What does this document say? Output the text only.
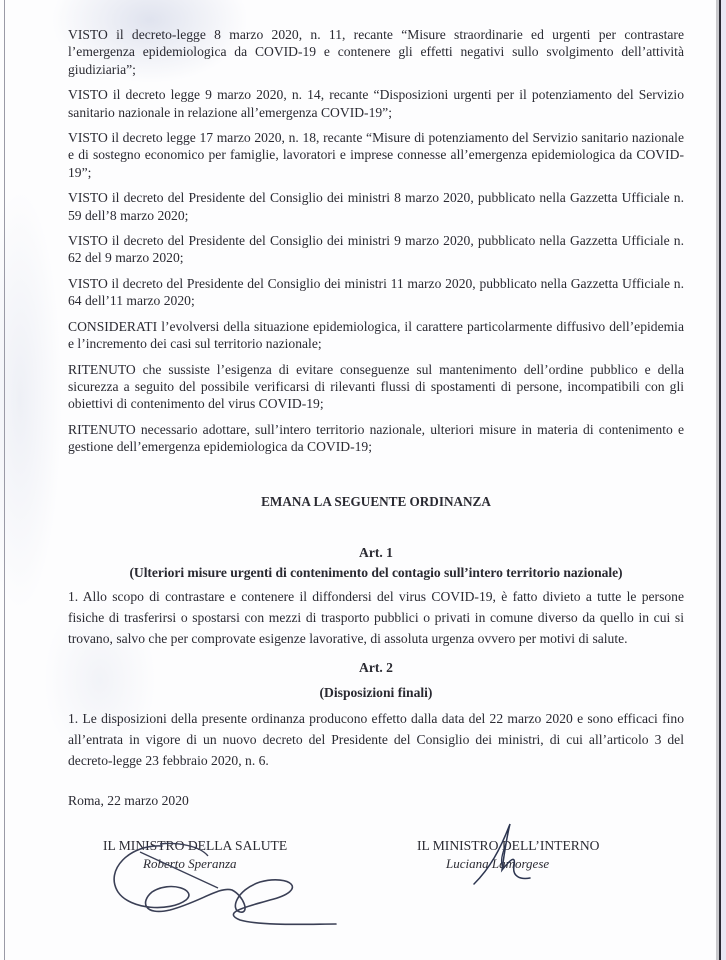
VISTO il decreto-legge 8 marzo 2020, n. 11, recante “Misure straordinarie ed urgenti per contrastare l’emergenza epidemiologica da COVID-19 e contenere gli effetti negativi sullo svolgimento dell’attività giudiziaria”;

VISTO il decreto legge 9 marzo 2020, n. 14, recante “Disposizioni urgenti per il potenziamento del Servizio sanitario nazionale in relazione all’emergenza COVID-19”;

VISTO il decreto legge 17 marzo 2020, n. 18, recante “Misure di potenziamento del Servizio sanitario nazionale e di sostegno economico per famiglie, lavoratori e imprese connesse all’emergenza epidemiologica da COVID-19”;

VISTO il decreto del Presidente del Consiglio dei ministri 8 marzo 2020, pubblicato nella Gazzetta Ufficiale n. 59 dell’8 marzo 2020;

VISTO il decreto del Presidente del Consiglio dei ministri 9 marzo 2020, pubblicato nella Gazzetta Ufficiale n. 62 del 9 marzo 2020;

VISTO il decreto del Presidente del Consiglio dei ministri 11 marzo 2020, pubblicato nella Gazzetta Ufficiale n. 64 dell’11 marzo 2020;

CONSIDERATI l’evolversi della situazione epidemiologica, il carattere particolarmente diffusivo dell’epidemia e l’incremento dei casi sul territorio nazionale;

RITENUTO che sussiste l’esigenza di evitare conseguenze sul mantenimento dell’ordine pubblico e della sicurezza a seguito del possibile verificarsi di rilevanti flussi di spostamenti di persone, incompatibili con gli obiettivi di contenimento del virus COVID-19;

RITENUTO necessario adottare, sull’intero territorio nazionale, ulteriori misure in materia di contenimento e gestione dell’emergenza epidemiologica da COVID-19;

EMANA LA SEGUENTE ORDINANZA
Art. 1
(Ulteriori misure urgenti di contenimento del contagio sull’intero territorio nazionale)

1. Allo scopo di contrastare e contenere il diffondersi del virus COVID-19, è fatto divieto a tutte le persone fisiche di trasferirsi o spostarsi con mezzi di trasporto pubblici o privati in comune diverso da quello in cui si trovano, salvo che per comprovate esigenze lavorative, di assoluta urgenza ovvero per motivi di salute.

Art. 2
(Disposizioni finali)

1. Le disposizioni della presente ordinanza producono effetto dalla data del 22 marzo 2020 e sono efficaci fino all’entrata in vigore di un nuovo decreto del Presidente del Consiglio dei ministri, di cui all’articolo 3 del decreto-legge 23 febbraio 2020, n. 6.

Roma, 22 marzo 2020
IL MINISTRO DELLA SALUTE
Roberto Speranza
IL MINISTRO DELL’INTERNO
Luciana Lamorgese
